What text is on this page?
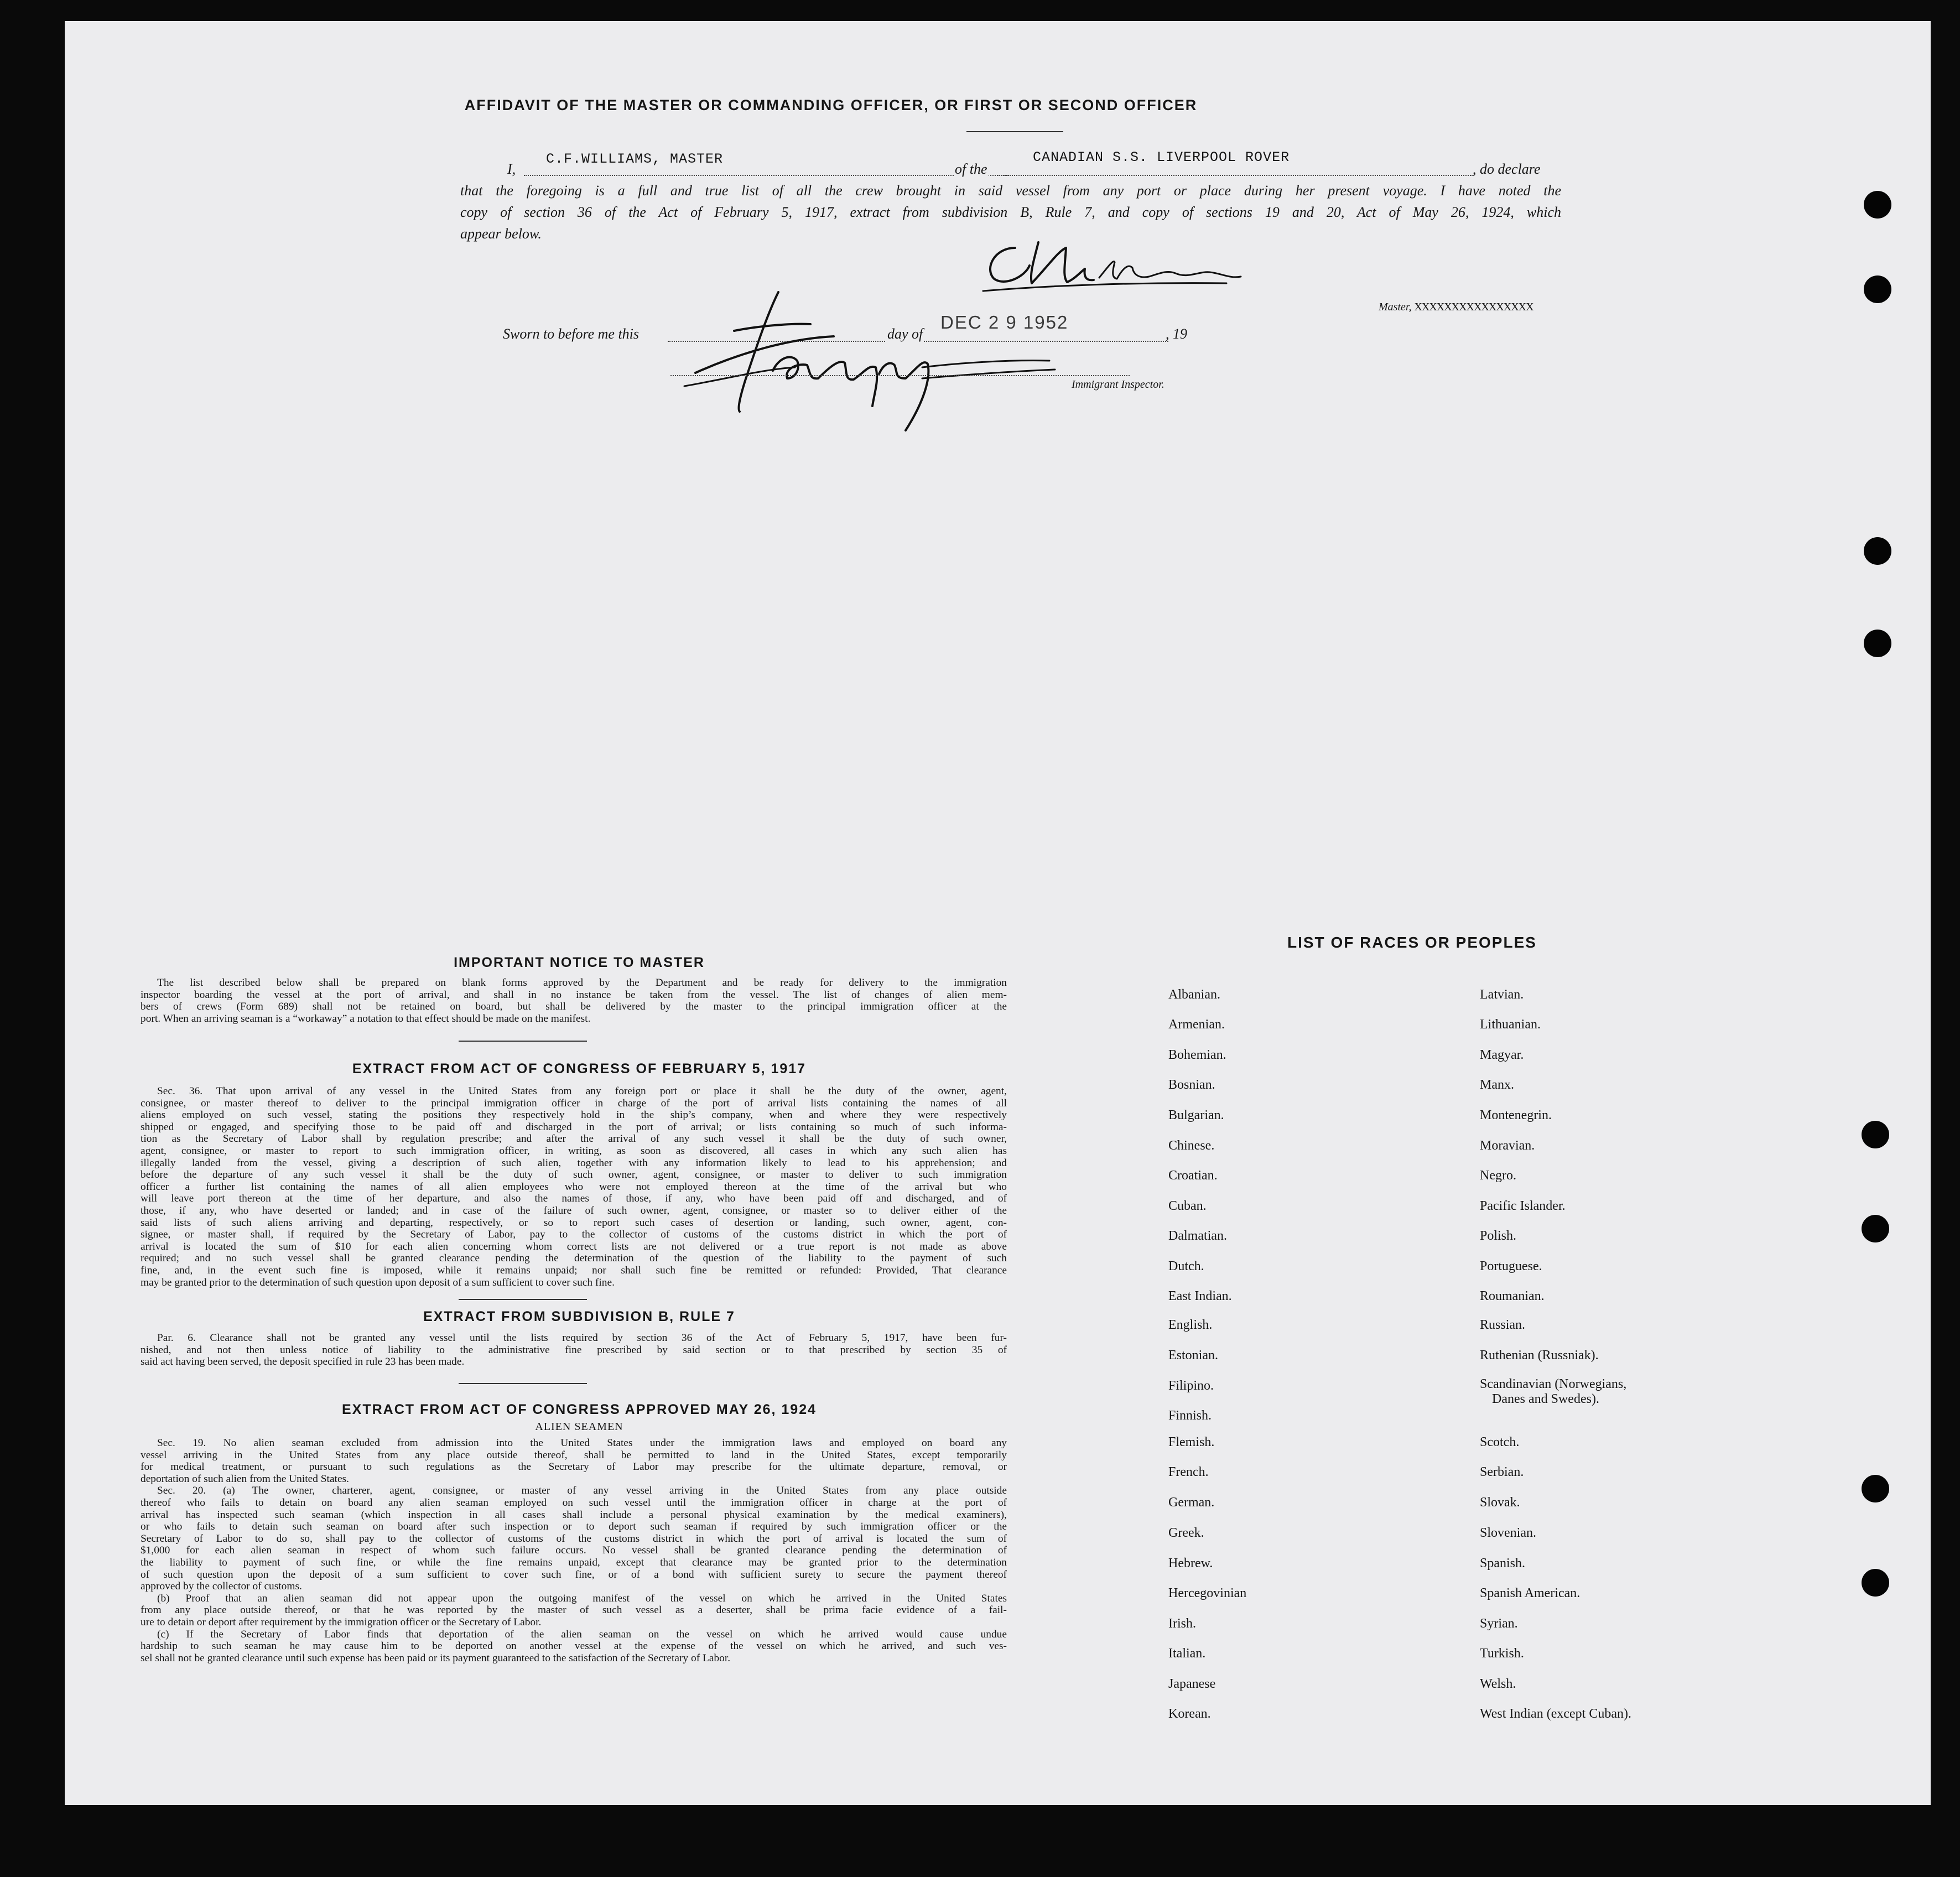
AFFIDAVIT OF THE MASTER OR COMMANDING OFFICER, OR FIRST OR SECOND OFFICER
I,
C.F.WILLIAMS, MASTER
of the
CANADIAN S.S. LIVERPOOL ROVER
, do declare
that the foregoing is a full and true list of all the crew brought in said vessel from any port or place during her present voyage. I have noted the
copy of section 36 of the Act of February 5, 1917, extract from subdivision B, Rule 7, and copy of sections 19 and 20, Act of May 26, 1924, which
appear below.
Master, XXXXXXXXXXXXXXXX
Sworn to before me this	day of
DEC 2 9 1952
, 19
Immigrant Inspector.
IMPORTANT NOTICE TO MASTER

The list described below shall be prepared on blank forms approved by the Department and be ready for delivery to the immigration

inspector boarding the vessel at the port of arrival, and shall in no instance be taken from the vessel. The list of changes of alien mem-

bers of crews (Form 689) shall not be retained on board, but shall be delivered by the master to the principal immigration officer at the

port. When an arriving seaman is a “workaway” a notation to that effect should be made on the manifest.

EXTRACT FROM ACT OF CONGRESS OF FEBRUARY 5, 1917

Sec. 36. That upon arrival of any vessel in the United States from any foreign port or place it shall be the duty of the owner, agent,

consignee, or master thereof to deliver to the principal immigration officer in charge of the port of arrival lists containing the names of all

aliens employed on such vessel, stating the positions they respectively hold in the ship’s company, when and where they were respectively

shipped or engaged, and specifying those to be paid off and discharged in the port of arrival; or lists containing so much of such informa-

tion as the Secretary of Labor shall by regulation prescribe; and after the arrival of any such vessel it shall be the duty of such owner,

agent, consignee, or master to report to such immigration officer, in writing, as soon as discovered, all cases in which any such alien has

illegally landed from the vessel, giving a description of such alien, together with any information likely to lead to his apprehension; and

before the departure of any such vessel it shall be the duty of such owner, agent, consignee, or master to deliver to such immigration

officer a further list containing the names of all alien employees who were not employed thereon at the time of the arrival but who

will leave port thereon at the time of her departure, and also the names of those, if any, who have been paid off and discharged, and of

those, if any, who have deserted or landed; and in case of the failure of such owner, agent, consignee, or master so to deliver either of the

said lists of such aliens arriving and departing, respectively, or so to report such cases of desertion or landing, such owner, agent, con-

signee, or master shall, if required by the Secretary of Labor, pay to the collector of customs of the customs district in which the port of

arrival is located the sum of $10 for each alien concerning whom correct lists are not delivered or a true report is not made as above

required; and no such vessel shall be granted clearance pending the determination of the question of the liability to the payment of such

fine, and, in the event such fine is imposed, while it remains unpaid; nor shall such fine be remitted or refunded: Provided, That clearance

may be granted prior to the determination of such question upon deposit of a sum sufficient to cover such fine.

EXTRACT FROM SUBDIVISION B, RULE 7

Par. 6. Clearance shall not be granted any vessel until the lists required by section 36 of the Act of February 5, 1917, have been fur-

nished, and not then unless notice of liability to the administrative fine prescribed by said section or to that prescribed by section 35 of

said act having been served, the deposit specified in rule 23 has been made.

EXTRACT FROM ACT OF CONGRESS APPROVED MAY 26, 1924
ALIEN SEAMEN

Sec. 19. No alien seaman excluded from admission into the United States under the immigration laws and employed on board any

vessel arriving in the United States from any place outside thereof, shall be permitted to land in the United States, except temporarily

for medical treatment, or pursuant to such regulations as the Secretary of Labor may prescribe for the ultimate departure, removal, or

deportation of such alien from the United States.

Sec. 20. (a) The owner, charterer, agent, consignee, or master of any vessel arriving in the United States from any place outside

thereof who fails to detain on board any alien seaman employed on such vessel until the immigration officer in charge at the port of

arrival has inspected such seaman (which inspection in all cases shall include a personal physical examination by the medical examiners),

or who fails to detain such seaman on board after such inspection or to deport such seaman if required by such immigration officer or the

Secretary of Labor to do so, shall pay to the collector of customs of the customs district in which the port of arrival is located the sum of

$1,000 for each alien seaman in respect of whom such failure occurs. No vessel shall be granted clearance pending the determination of

the liability to payment of such fine, or while the fine remains unpaid, except that clearance may be granted prior to the determination

of such question upon the deposit of a sum sufficient to cover such fine, or of a bond with sufficient surety to secure the payment thereof

approved by the collector of customs.

(b) Proof that an alien seaman did not appear upon the outgoing manifest of the vessel on which he arrived in the United States

from any place outside thereof, or that he was reported by the master of such vessel as a deserter, shall be prima facie evidence of a fail-

ure to detain or deport after requirement by the immigration officer or the Secretary of Labor.

(c) If the Secretary of Labor finds that deportation of the alien seaman on the vessel on which he arrived would cause undue

hardship to such seaman he may cause him to be deported on another vessel at the expense of the vessel on which he arrived, and such ves-

sel shall not be granted clearance until such expense has been paid or its payment guaranteed to the satisfaction of the Secretary of Labor.

LIST OF RACES OR PEOPLES
Albanian.
Armenian.
Bohemian.
Bosnian.
Bulgarian.
Chinese.
Croatian.
Cuban.
Dalmatian.
Dutch.
East Indian.
English.
Estonian.
Filipino.
Finnish.
Flemish.
French.
German.
Greek.
Hebrew.
Hercegovinian
Irish.
Italian.
Japanese
Korean.
Latvian.
Lithuanian.
Magyar.
Manx.
Montenegrin.
Moravian.
Negro.
Pacific Islander.
Polish.
Portuguese.
Roumanian.
Russian.
Ruthenian (Russniak).
Scandinavian (Norwegians,
Danes and Swedes).
Scotch.
Serbian.
Slovak.
Slovenian.
Spanish.
Spanish American.
Syrian.
Turkish.
Welsh.
West Indian (except Cuban).
